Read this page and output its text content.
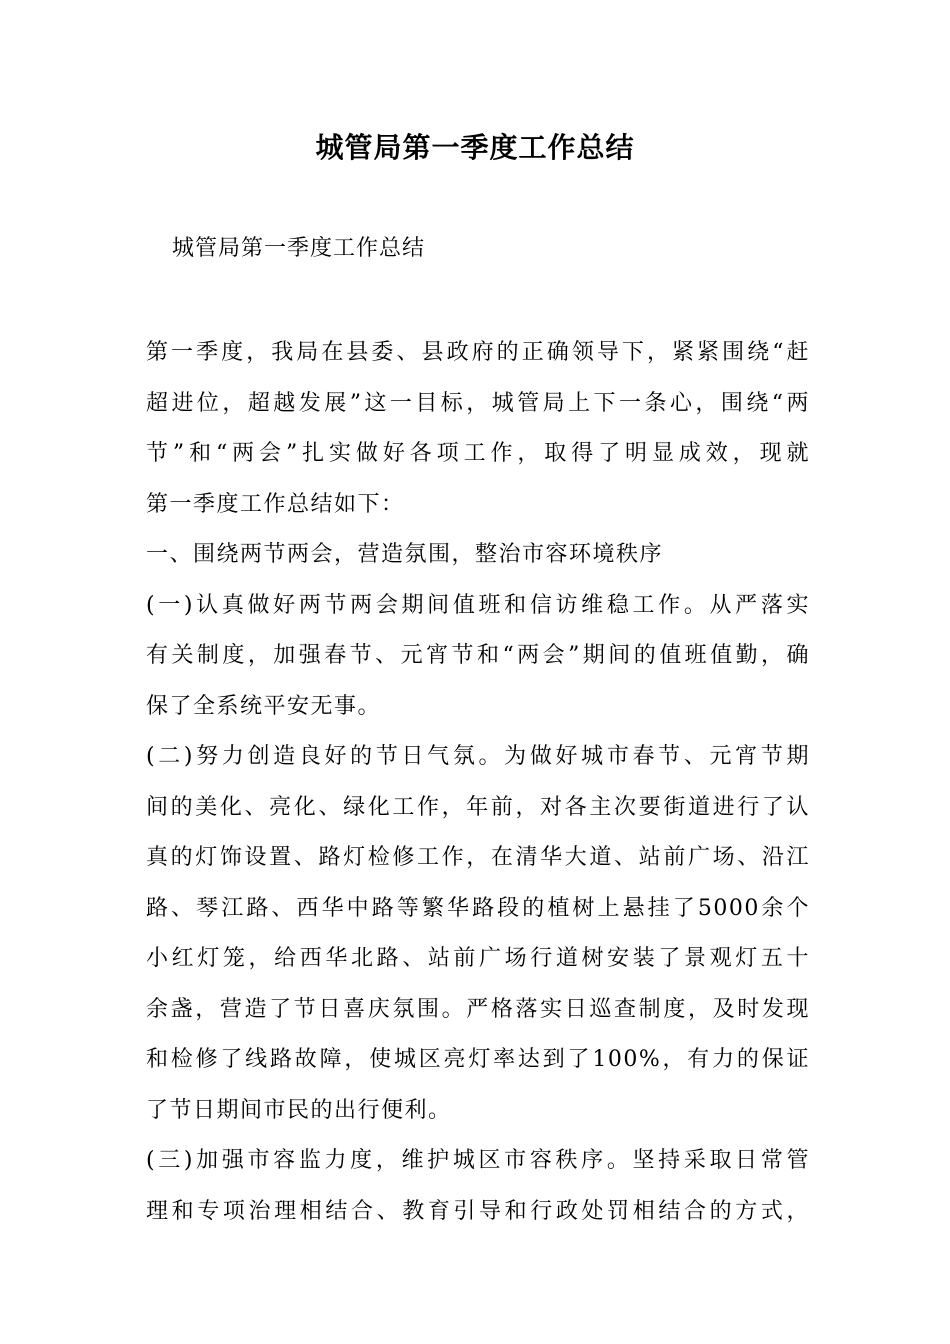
城管局第一季度工作总结
城管局第一季度工作总结
第一季度，我局在县委、县政府的正确领导下，紧紧围绕“赶
超进位，超越发展”这一目标，城管局上下一条心，围绕“两
节”和“两会”扎实做好各项工作，取得了明显成效，现就
第一季度工作总结如下：
一、围绕两节两会，营造氛围，整治市容环境秩序
(一)认真做好两节两会期间值班和信访维稳工作。从严落实
有关制度，加强春节、元宵节和“两会”期间的值班值勤，确
保了全系统平安无事。
(二)努力创造良好的节日气氛。为做好城市春节、元宵节期
间的美化、亮化、绿化工作，年前，对各主次要街道进行了认
真的灯饰设置、路灯检修工作，在清华大道、站前广场、沿江
路、琴江路、西华中路等繁华路段的植树上悬挂了5000余个
小红灯笼，给西华北路、站前广场行道树安装了景观灯五十
余盏，营造了节日喜庆氛围。严格落实日巡查制度，及时发现
和检修了线路故障，使城区亮灯率达到了100%，有力的保证
了节日期间市民的出行便利。
(三)加强市容监力度，维护城区市容秩序。坚持采取日常管
理和专项治理相结合、教育引导和行政处罚相结合的方式，
